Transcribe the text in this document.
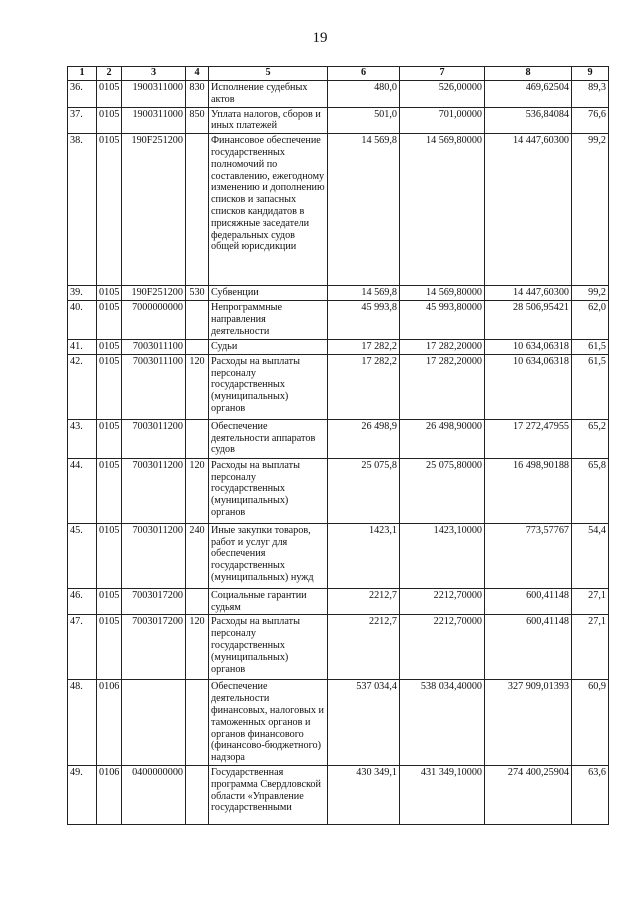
19
1	2	3	4	5	6	7	8	9
36.	0105	1900311000	830	Исполнение судебных актов	480,0	526,00000	469,62504	89,3
37.	0105	1900311000	850	Уплата налогов, сборов и иных платежей	501,0	701,00000	536,84084	76,6
38.	0105	190F251200		Финансовое обеспечение государственных полномочий по составлению, ежегодному изменению и дополнению списков и запасных списков кандидатов в присяжные заседатели федеральных судов общей юрисдикции	14 569,8	14 569,80000	14 447,60300	99,2
39.	0105	190F251200	530	Субвенции	14 569,8	14 569,80000	14 447,60300	99,2
40.	0105	7000000000		Непрограммные направления деятельности	45 993,8	45 993,80000	28 506,95421	62,0
41.	0105	7003011100		Судьи	17 282,2	17 282,20000	10 634,06318	61,5
42.	0105	7003011100	120	Расходы на выплаты персоналу государственных (муниципальных) органов	17 282,2	17 282,20000	10 634,06318	61,5
43.	0105	7003011200		Обеспечение деятельности аппаратов судов	26 498,9	26 498,90000	17 272,47955	65,2
44.	0105	7003011200	120	Расходы на выплаты персоналу государственных (муниципальных) органов	25 075,8	25 075,80000	16 498,90188	65,8
45.	0105	7003011200	240	Иные закупки товаров, работ и услуг для обеспечения государственных (муниципальных) нужд	1423,1	1423,10000	773,57767	54,4
46.	0105	7003017200		Социальные гарантии судьям	2212,7	2212,70000	600,41148	27,1
47.	0105	7003017200	120	Расходы на выплаты персоналу государственных (муниципальных) органов	2212,7	2212,70000	600,41148	27,1
48.	0106			Обеспечение деятельности финансовых, налоговых и таможенных органов и органов финансового (финансово-бюджетного) надзора	537 034,4	538 034,40000	327 909,01393	60,9
49.	0106	0400000000		Государственная программа Свердловской области «Управление государственными	430 349,1	431 349,10000	274 400,25904	63,6
